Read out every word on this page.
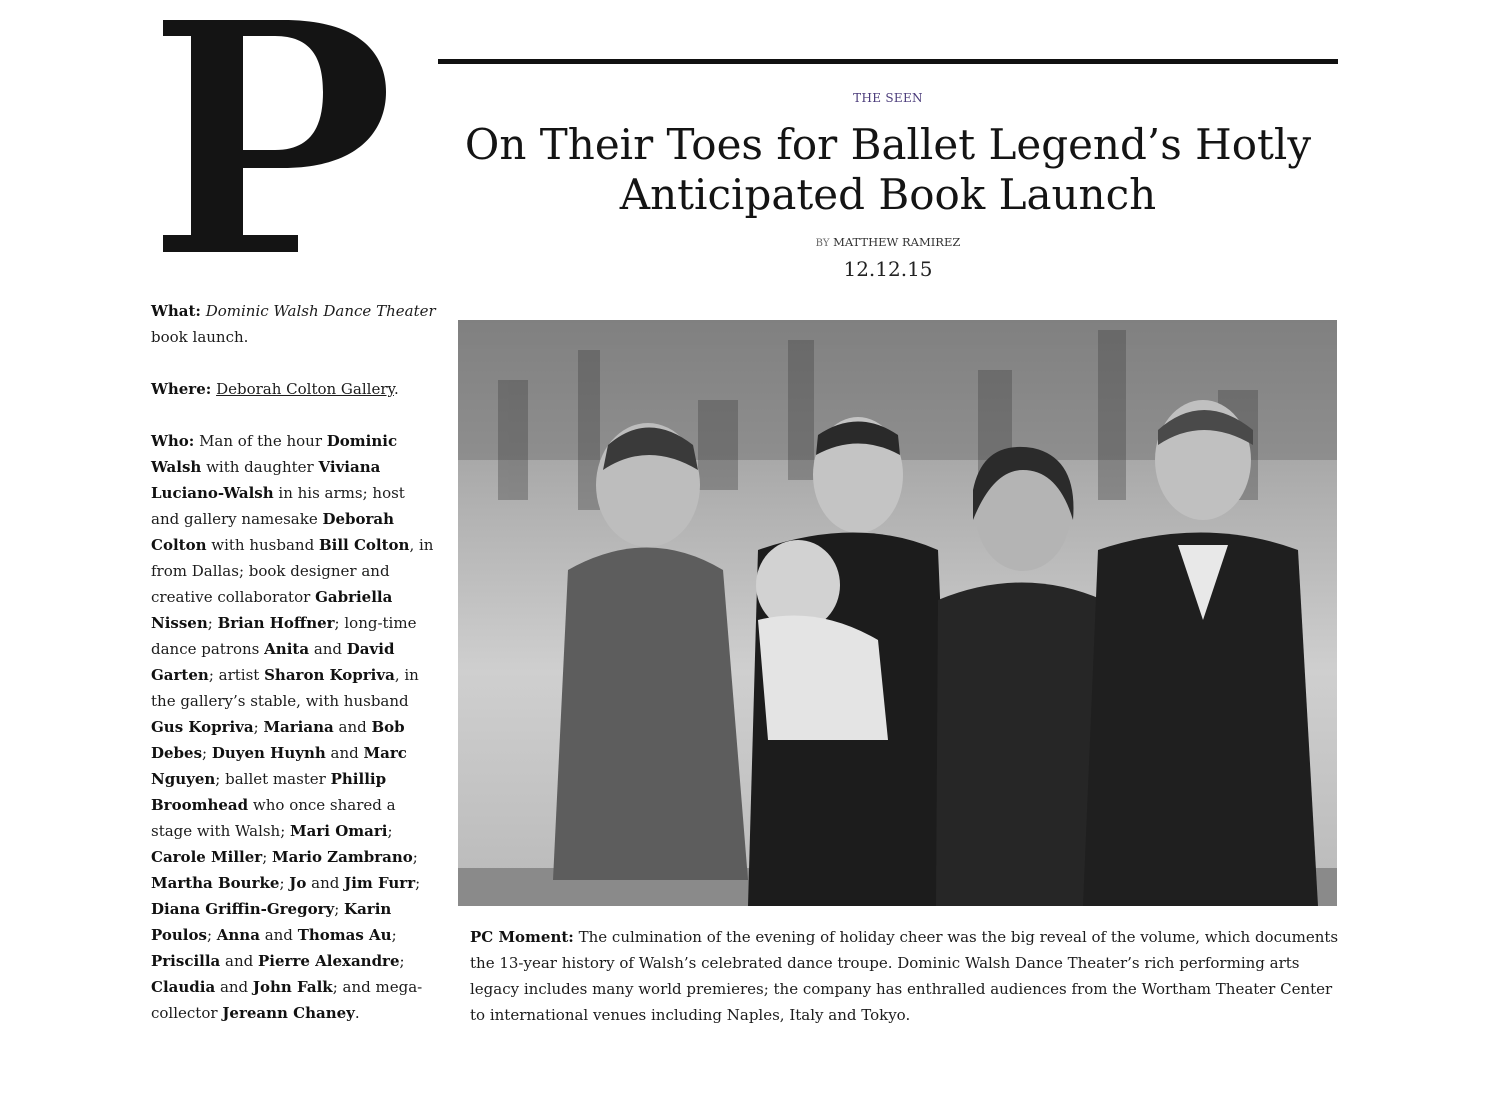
THE SEEN
On Their Toes for Ballet Legend’s Hotly
Anticipated Book Launch
BY MATTHEW RAMIREZ
12.12.15

What: Dominic Walsh Dance Theater book launch.

Where: Deborah Colton Gallery.

Who: Man of the hour Dominic Walsh with daughter Viviana Luciano-Walsh in his arms; host and gallery namesake Deborah Colton with husband Bill Colton, in from Dallas; book designer and creative collaborator Gabriella Nissen; Brian Hoffner; long-time dance patrons Anita and David Garten; artist Sharon Kopriva, in the gallery’s stable, with husband Gus Kopriva; Mariana and Bob Debes; Duyen Huynh and Marc Nguyen; ballet master Phillip Broomhead who once shared a stage with Walsh; Mari Omari; Carole Miller; Mario Zambrano; Martha Bourke; Jo and Jim Furr; Diana Griffin-Gregory; Karin Poulos; Anna and Thomas Au; Priscilla and Pierre Alexandre; Claudia and John Falk; and mega-collector Jereann Chaney.

PC Moment: The culmination of the evening of holiday cheer was the big reveal of the volume, which documents the 13-year history of Walsh’s celebrated dance troupe. Dominic Walsh Dance Theater’s rich performing arts legacy includes many world premieres; the company has enthralled audiences from the Wortham Theater Center to international venues including Naples, Italy and Tokyo.
